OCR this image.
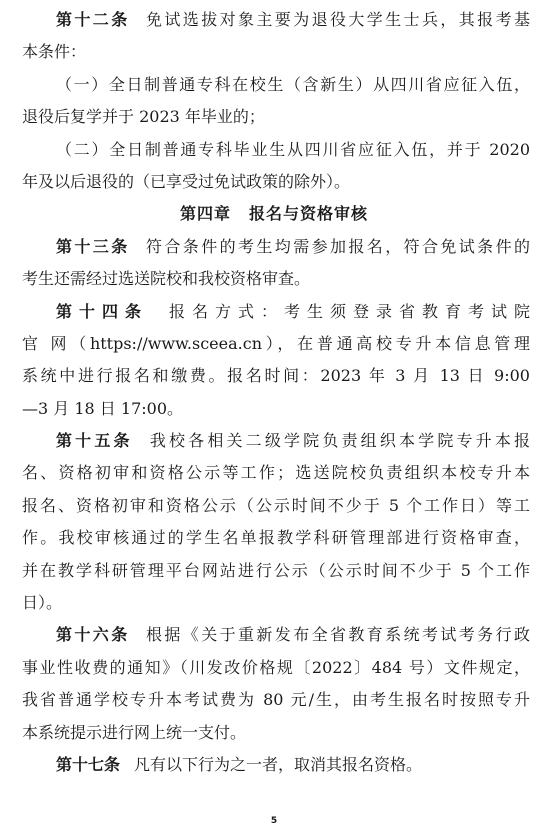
第十二条 免试选拔对象主要为退役大学生士兵，其报考基
本条件：
（一）全日制普通专科在校生（含新生）从四川省应征入伍，
退役后复学并于 2023 年毕业的；
（二）全日制普通专科毕业生从四川省应征入伍，并于 2020
年及以后退役的（已享受过免试政策的除外）。
第四章 报名与资格审核
第十三条 符合条件的考生均需参加报名，符合免试条件的
考生还需经过选送院校和我校资格审查。
第十四条 报名方式：考生须登录省教育考试院
官 网（https://www.sceea.cn），在普通高校专升本信息管理
系统中进行报名和缴费。报名时间：2023 年 3 月 13 日 9:00
—3 月 18 日 17:00。
第十五条 我校各相关二级学院负责组织本学院专升本报
名、资格初审和资格公示等工作；选送院校负责组织本校专升本
报名、资格初审和资格公示（公示时间不少于 5 个工作日）等工
作。我校审核通过的学生名单报教学科研管理部进行资格审查，
并在教学科研管理平台网站进行公示（公示时间不少于 5 个工作
日）。
第十六条 根据《关于重新发布全省教育系统考试考务行政
事业性收费的通知》（川发改价格规〔2022〕484 号）文件规定，
我省普通学校专升本考试费为 80 元/生，由考生报名时按照专升
本系统提示进行网上统一支付。
第十七条 凡有以下行为之一者，取消其报名资格。
5
